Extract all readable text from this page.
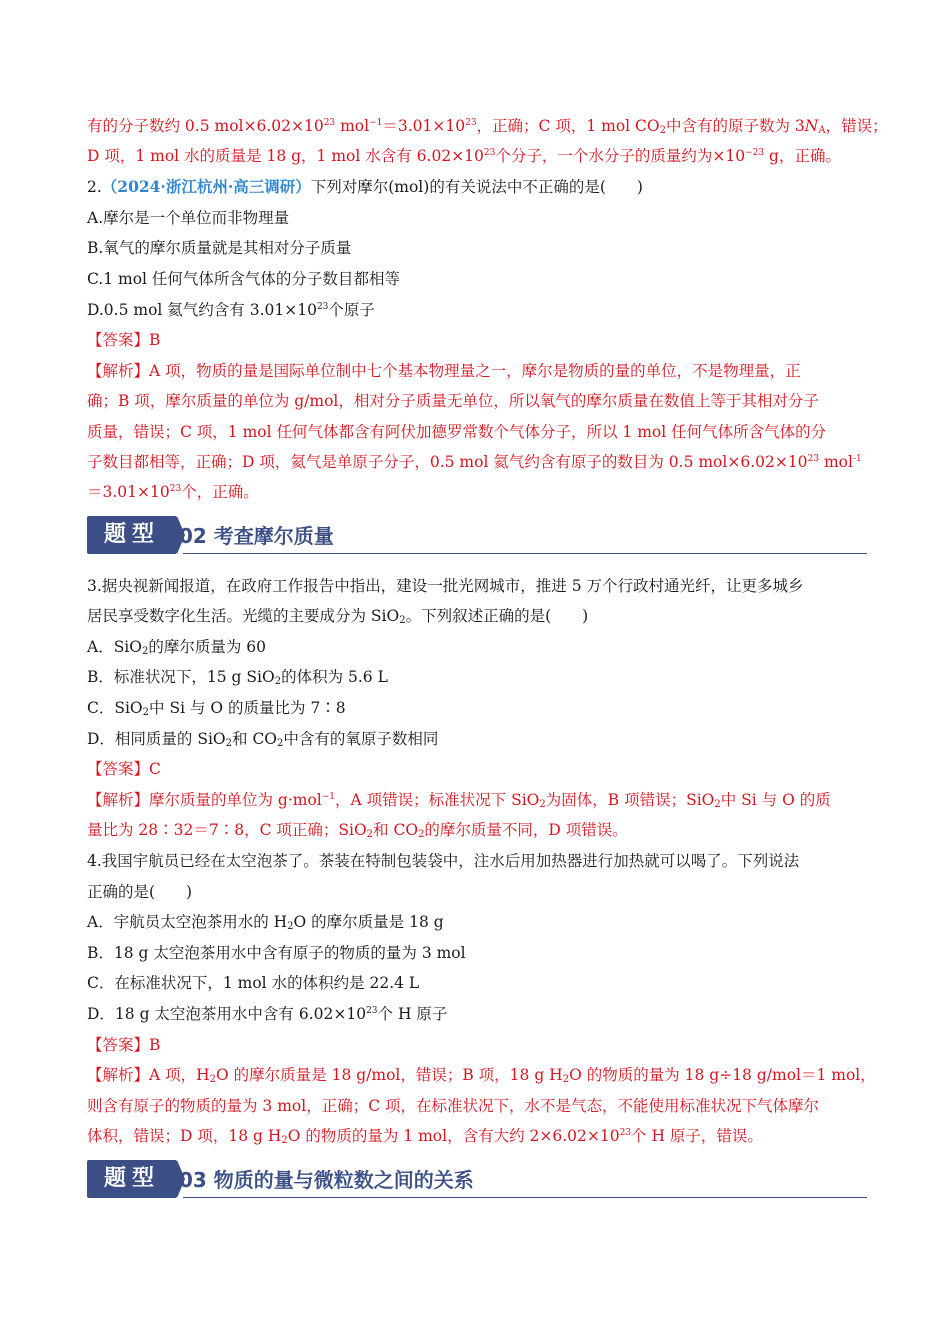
有的分子数约 0.5 $mol\times 6.02\times 10^{23}$ $mol^{-1}=3.01\times 10^{23}$，正确；C 项，1 mol $CO_2$中含有的原子数为 $3N_A$，错误；
D 项，1 mol 水的质量是 18 g，1 mol 水含有 $6.02\times 10^{23}$个分子，一个水分子的质量约为$\times 10^{-23}$ g，正确。
2.（2024·浙江杭州·高三调研）下列对摩尔(mol)的有关说法中不正确的是(　　)
A.摩尔是一个单位而非物理量
B.氧气的摩尔质量就是其相对分子质量
C.1 mol 任何气体所含气体的分子数目都相等
D.0.5 mol 氦气约含有 $3.01\times 10^{23}$个原子
【答案】B
【解析】A 项，物质的量是国际单位制中七个基本物理量之一，摩尔是物质的量的单位，不是物理量，正
确；B 项，摩尔质量的单位为 g/mol，相对分子质量无单位，所以氧气的摩尔质量在数值上等于其相对分子
质量，错误；C 项，1 mol 任何气体都含有阿伏加德罗常数个气体分子，所以 1 mol 任何气体所含气体的分
子数目都相等，正确；D 项，氦气是单原子分子，0.5 mol 氦气约含有原子的数目为 0.5 $mol\times 6.02\times 10^{23}$ mol$^{-1}$
$=3.01\times 10^{23}$个，正确。
题型 02 考查摩尔质量
3.据央视新闻报道，在政府工作报告中指出，建设一批光网城市，推进 5 万个行政村通光纤，让更多城乡
居民享受数字化生活。光缆的主要成分为 SiO$_2$。下列叙述正确的是(　　)
A．SiO$_2$的摩尔质量为 60
B．标准状况下，15 g SiO$_2$的体积为 5.6 L
C．SiO$_2$中 Si 与 O 的质量比为 7∶8
D．相同质量的 SiO$_2$和 $CO_2$中含有的氧原子数相同
【答案】C
【解析】摩尔质量的单位为 g·mol$^{-1}$，A 项错误；标准状况下 SiO$_2$为固体，B 项错误；SiO$_2$中 Si 与 O 的质
量比为 28∶32＝7∶8，C 项正确；SiO$_2$和 $CO_2$的摩尔质量不同，D 项错误。
4.我国宇航员已经在太空泡茶了。茶装在特制包装袋中，注水后用加热器进行加热就可以喝了。下列说法
正确的是(　　)
A．宇航员太空泡茶用水的 $H_2O$ 的摩尔质量是 18 g
B．18 g 太空泡茶用水中含有原子的物质的量为 3 mol
C．在标准状况下，1 mol 水的体积约是 22.4 L
D．18 g 太空泡茶用水中含有 $6.02\times 10^{23}$个 H 原子
【答案】B
【解析】A 项，$H_2O$ 的摩尔质量是 18 g/mol，错误；B 项，18 g $H_2O$ 的物质的量为 18 g÷18 g/mol＝1 mol，
则含有原子的物质的量为 3 mol，正确；C 项，在标准状况下，水不是气态，不能使用标准状况下气体摩尔
体积，错误；D 项，18 g $H_2O$ 的物质的量为 1 mol，含有大约 $2\times 6.02\times 10^{23}$个 H 原子，错误。
题型 03 物质的量与微粒数之间的关系
